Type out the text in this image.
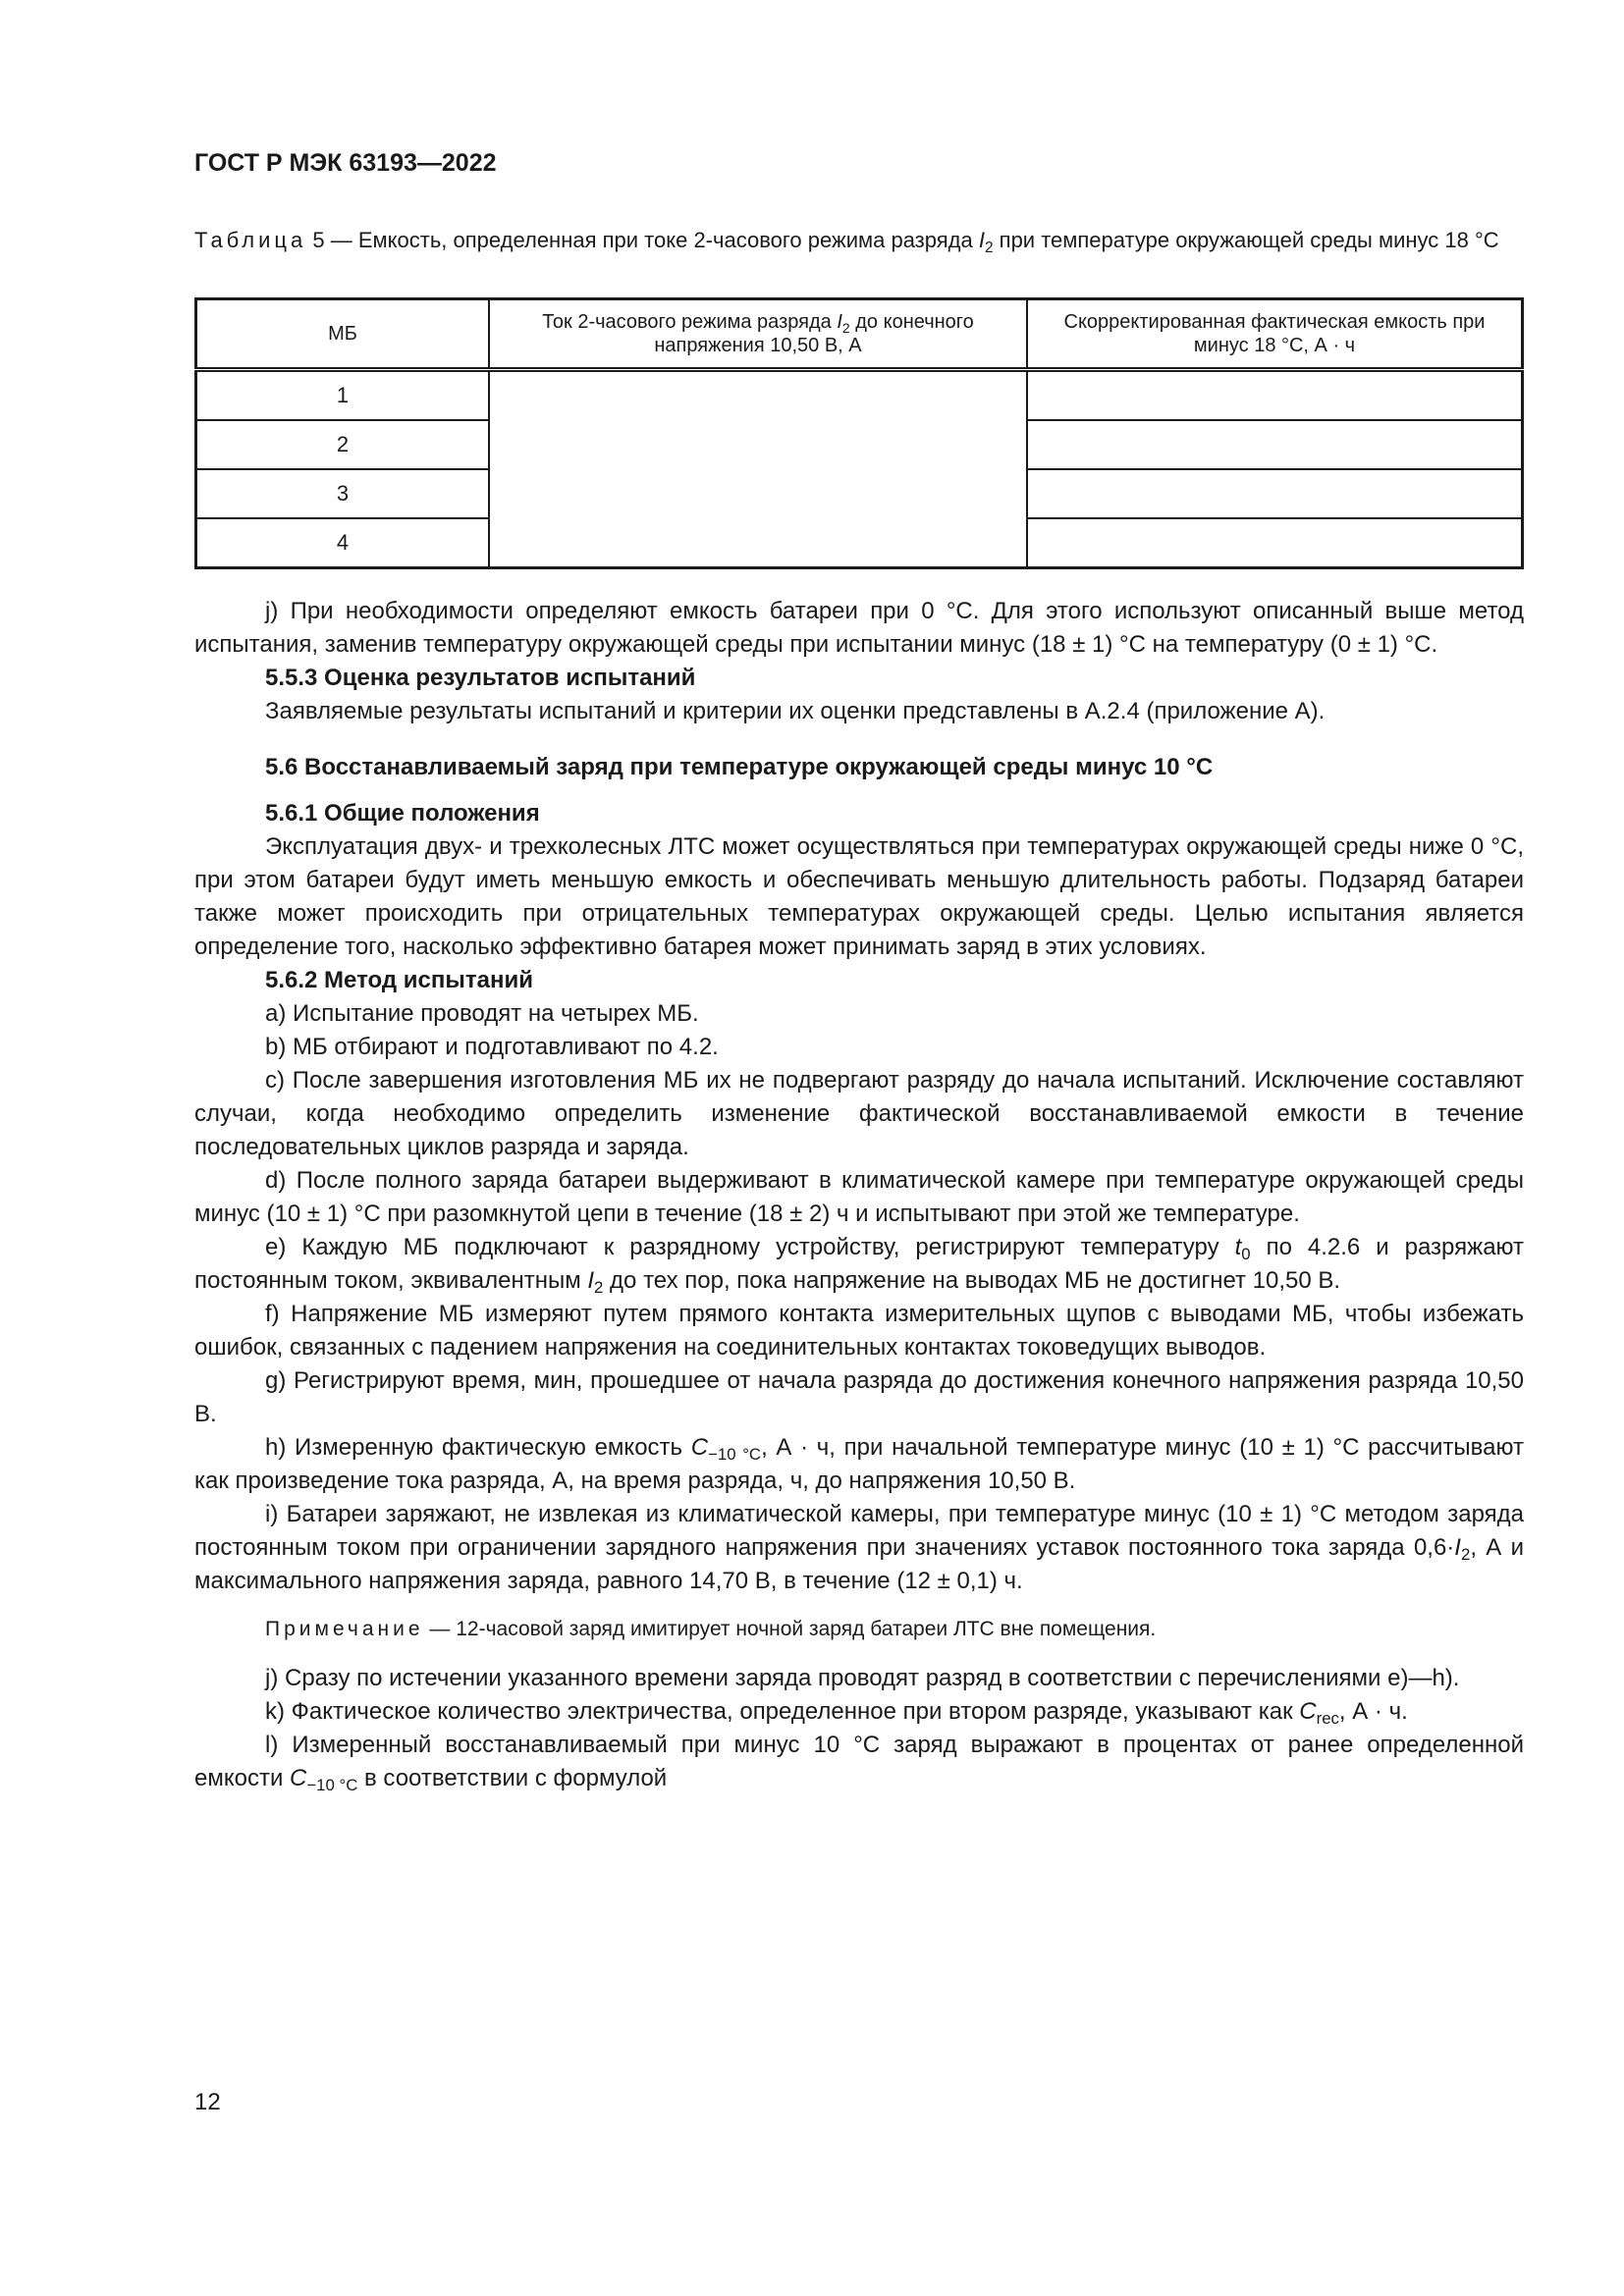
ГОСТ Р МЭК 63193—2022
Таблица 5 — Емкость, определенная при токе 2-часового режима разряда $I_2$ при температуре окружающей среды минус 18 °C
МБ	Ток 2-часового режима разряда $I_2$ до конечного напряжения 10,50 В, А	Скорректированная фактическая емкость при минус 18 °C, А · ч
1		
2		
3		
4		

j) При необходимости определяют емкость батареи при 0 °C. Для этого используют описанный выше метод испытания, заменив температуру окружающей среды при испытании минус (18 ± 1) °C на температуру (0 ± 1) °C.

5.5.3 Оценка результатов испытаний

Заявляемые результаты испытаний и критерии их оценки представлены в А.2.4 (приложение А).

5.6 Восстанавливаемый заряд при температуре окружающей среды минус 10 °C
5.6.1 Общие положения

Эксплуатация двух- и трехколесных ЛТС может осуществляться при температурах окружающей среды ниже 0 °C, при этом батареи будут иметь меньшую емкость и обеспечивать меньшую длительность работы. Подзаряд батареи также может происходить при отрицательных температурах окружающей среды. Целью испытания является определение того, насколько эффективно батарея может принимать заряд в этих условиях.

5.6.2 Метод испытаний

a) Испытание проводят на четырех МБ.

b) МБ отбирают и подготавливают по 4.2.

c) После завершения изготовления МБ их не подвергают разряду до начала испытаний. Исключение составляют случаи, когда необходимо определить изменение фактической восстанавливаемой емкости в течение последовательных циклов разряда и заряда.

d) После полного заряда батареи выдерживают в климатической камере при температуре окружающей среды минус (10 ± 1) °C при разомкнутой цепи в течение (18 ± 2) ч и испытывают при этой же температуре.

e) Каждую МБ подключают к разрядному устройству, регистрируют температуру $t_0$ по 4.2.6 и разряжают постоянным током, эквивалентным $I_2$ до тех пор, пока напряжение на выводах МБ не достигнет 10,50 В.

f) Напряжение МБ измеряют путем прямого контакта измерительных щупов с выводами МБ, чтобы избежать ошибок, связанных с падением напряжения на соединительных контактах токоведущих выводов.

g) Регистрируют время, мин, прошедшее от начала разряда до достижения конечного напряжения разряда 10,50 В.

h) Измеренную фактическую емкость $C_{-10 ^\circ C}$, А · ч, при начальной температуре минус (10 ± 1) °C рассчитывают как произведение тока разряда, А, на время разряда, ч, до напряжения 10,50 В.

i) Батареи заряжают, не извлекая из климатической камеры, при температуре минус (10 ± 1) °C методом заряда постоянным током при ограничении зарядного напряжения при значениях уставок постоянного тока заряда $0,6\cdot I_2$, А и максимального напряжения заряда, равного 14,70 В, в течение (12 ± 0,1) ч.

Примечание — 12-часовой заряд имитирует ночной заряд батареи ЛТС вне помещения.

j) Сразу по истечении указанного времени заряда проводят разряд в соответствии с перечислениями e)—h).

k) Фактическое количество электричества, определенное при втором разряде, указывают как $C_{rec}$, А · ч.

l) Измеренный восстанавливаемый при минус 10 °C заряд выражают в процентах от ранее определенной емкости $C_{-10 ^\circ C}$ в соответствии с формулой

12
